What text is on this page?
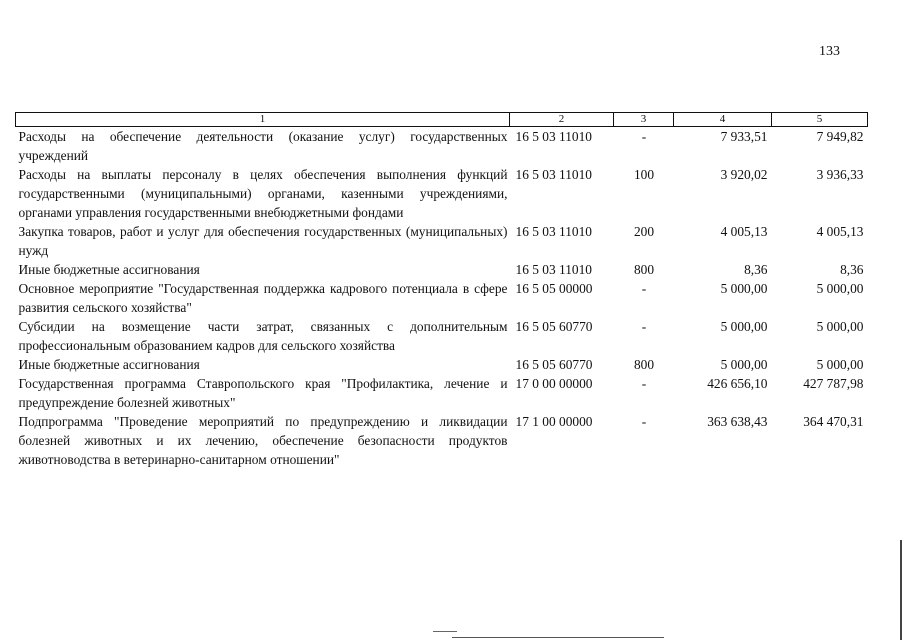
133
1	2	3	4	5
Расходы на обеспечение деятельности (оказание услуг) государственных учреждений	16 5 03 11010	-	7 933,51	7 949,82
Расходы на выплаты персоналу в целях обеспечения выполнения функций государственными (муниципальными) органами, казенными учреждениями, органами управления государственными внебюджетными фондами	16 5 03 11010	100	3 920,02	3 936,33
Закупка товаров, работ и услуг для обеспечения государственных (муниципальных) нужд	16 5 03 11010	200	4 005,13	4 005,13
Иные бюджетные ассигнования	16 5 03 11010	800	8,36	8,36
Основное мероприятие "Государственная поддержка кадрового потенциала в сфере развития сельского хозяйства"	16 5 05 00000	-	5 000,00	5 000,00
Субсидии на возмещение части затрат, связанных с дополнительным профессиональным образованием кадров для сельского хозяйства	16 5 05 60770	-	5 000,00	5 000,00
Иные бюджетные ассигнования	16 5 05 60770	800	5 000,00	5 000,00
Государственная программа Ставропольского края "Профилактика, лечение и предупреждение болезней животных"	17 0 00 00000	-	426 656,10	427 787,98
Подпрограмма "Проведение мероприятий по предупреждению и ликвидации болезней животных и их лечению, обеспечение безопасности продуктов животноводства в ветеринарно-санитарном отношении"	17 1 00 00000	-	363 638,43	364 470,31
